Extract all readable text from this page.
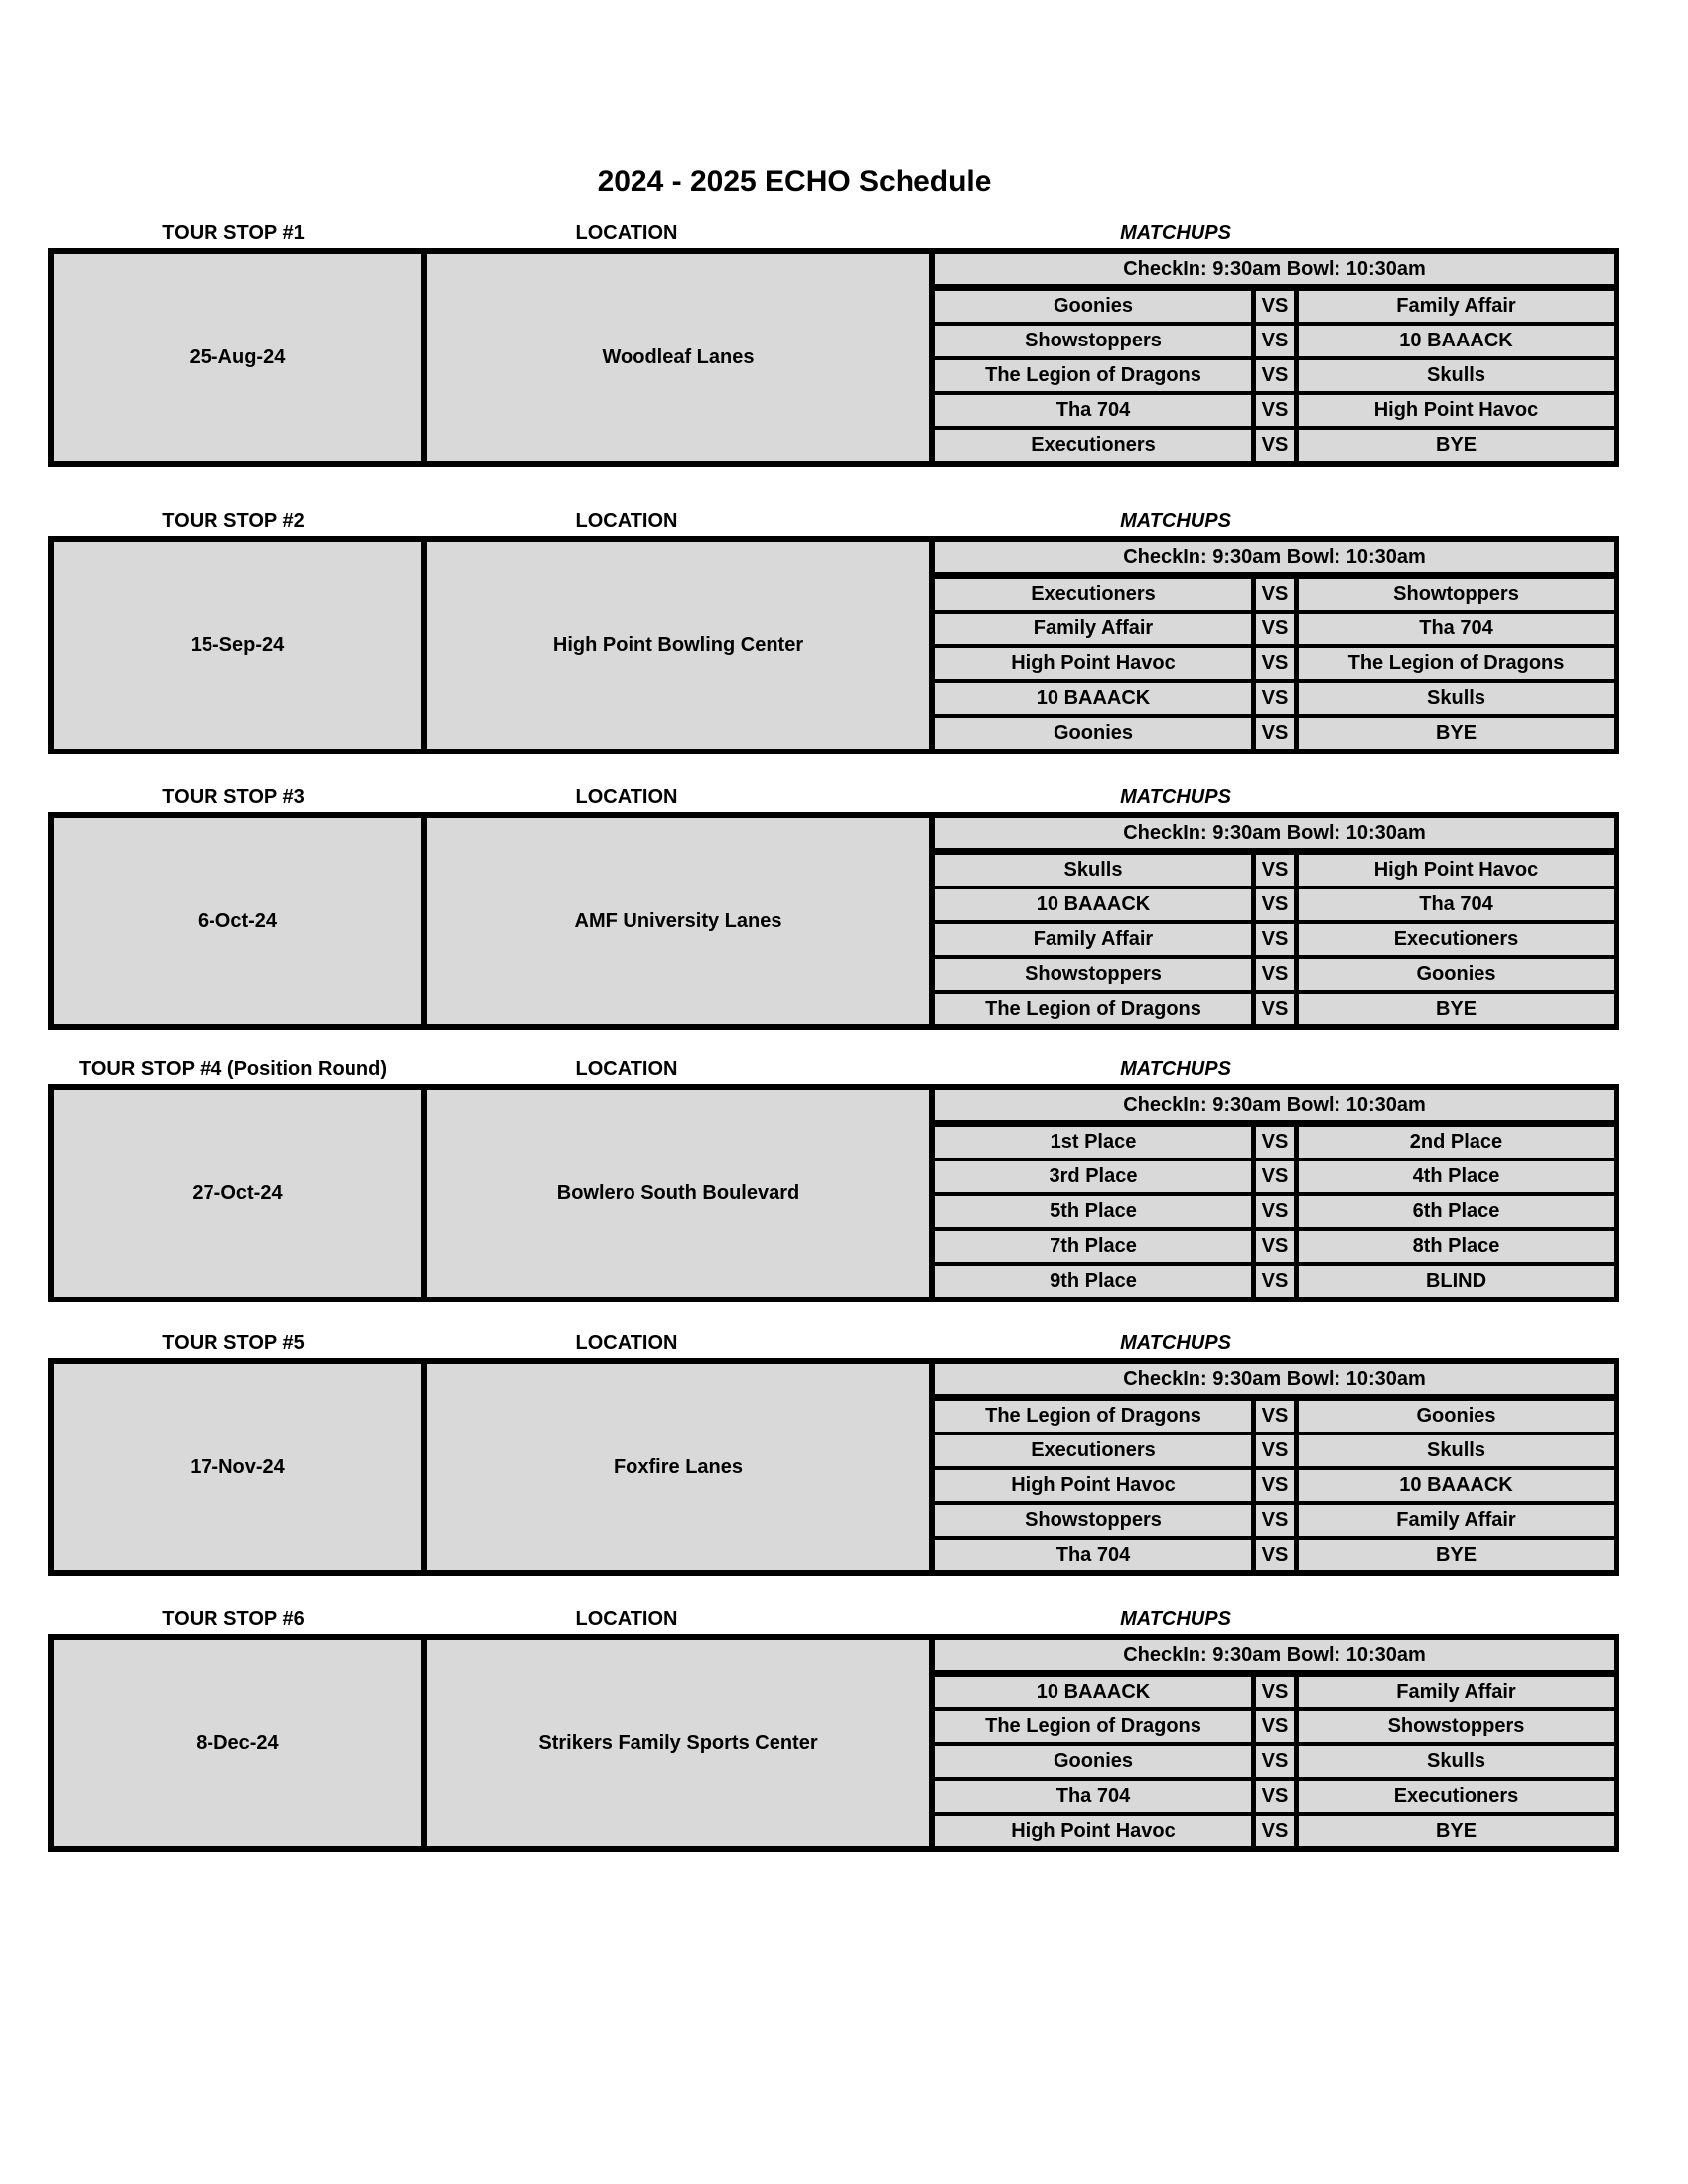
2024 - 2025 ECHO Schedule
TOUR STOP #1	LOCATION	MATCHUPS
25-Aug-24	Woodleaf Lanes
CheckIn: 9:30am Bowl: 10:30am
Goonies	VS	Family Affair
Showstoppers	VS	10 BAAACK
The Legion of Dragons	VS	Skulls
Tha 704	VS	High Point Havoc
Executioners	VS	BYE
TOUR STOP #2	LOCATION	MATCHUPS
15-Sep-24	High Point Bowling Center
CheckIn: 9:30am Bowl: 10:30am
Executioners	VS	Showtoppers
Family Affair	VS	Tha 704
High Point Havoc	VS	The Legion of Dragons
10 BAAACK	VS	Skulls
Goonies	VS	BYE
TOUR STOP #3	LOCATION	MATCHUPS
6-Oct-24	AMF University Lanes
CheckIn: 9:30am Bowl: 10:30am
Skulls	VS	High Point Havoc
10 BAAACK	VS	Tha 704
Family Affair	VS	Executioners
Showstoppers	VS	Goonies
The Legion of Dragons	VS	BYE
TOUR STOP #4 (Position Round)	LOCATION	MATCHUPS
27-Oct-24	Bowlero South Boulevard
CheckIn: 9:30am Bowl: 10:30am
1st Place	VS	2nd Place
3rd Place	VS	4th Place
5th Place	VS	6th Place
7th Place	VS	8th Place
9th Place	VS	BLIND
TOUR STOP #5	LOCATION	MATCHUPS
17-Nov-24	Foxfire Lanes
CheckIn: 9:30am Bowl: 10:30am
The Legion of Dragons	VS	Goonies
Executioners	VS	Skulls
High Point Havoc	VS	10 BAAACK
Showstoppers	VS	Family Affair
Tha 704	VS	BYE
TOUR STOP #6	LOCATION	MATCHUPS
8-Dec-24	Strikers Family Sports Center
CheckIn: 9:30am Bowl: 10:30am
10 BAAACK	VS	Family Affair
The Legion of Dragons	VS	Showstoppers
Goonies	VS	Skulls
Tha 704	VS	Executioners
High Point Havoc	VS	BYE
